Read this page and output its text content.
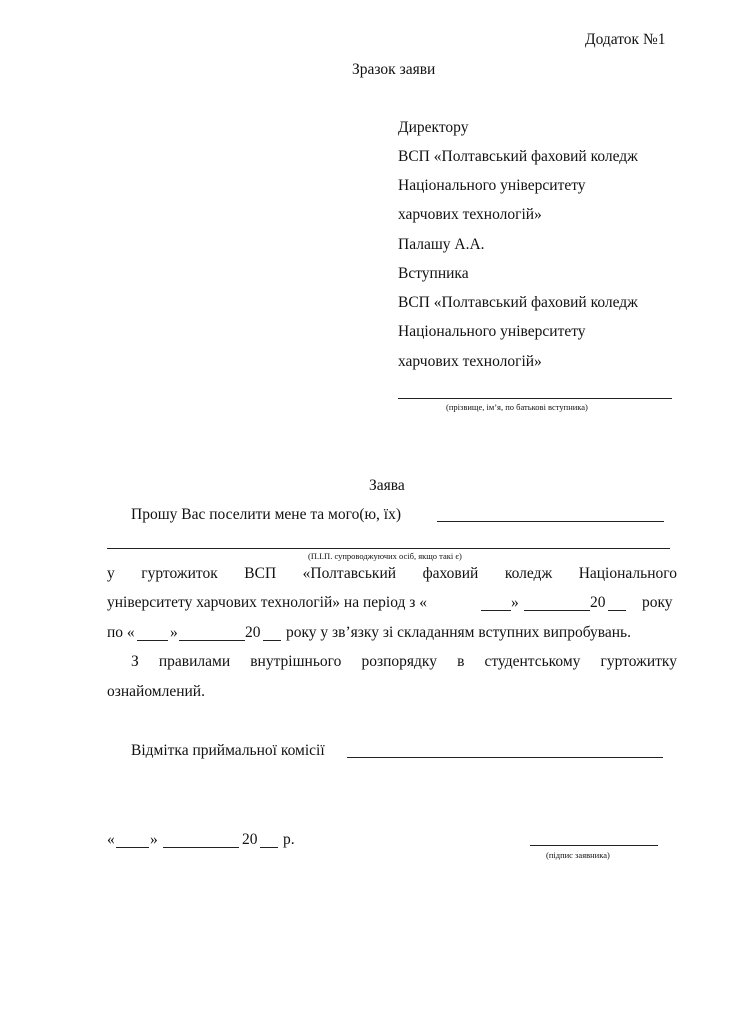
Додаток №1
Зразок заяви
Директору
ВСП «Полтавський фаховий коледж
Національного університету
харчових технологій»
Палашу А.А.
Вступника
ВСП «Полтавський фаховий коледж
Національного університету
харчових технологій»
(прізвище, ім’я, по батькові вступника)
Заява
Прошу Вас поселити мене та мого(ю, їх)
(П.І.П. супроводжуючих осіб, якщо такі є)
у гуртожиток ВСП «Полтавський фаховий коледж Національного
університету харчових технологій» на період з «	»	20 року
по « »	20 року у зв’язку зі складанням вступних випробувань.
З правилами внутрішнього розпорядку в студентському гуртожитку
ознайомлений.
Відмітка приймальної комісії
« »	20 р.
(підпис заявника)
